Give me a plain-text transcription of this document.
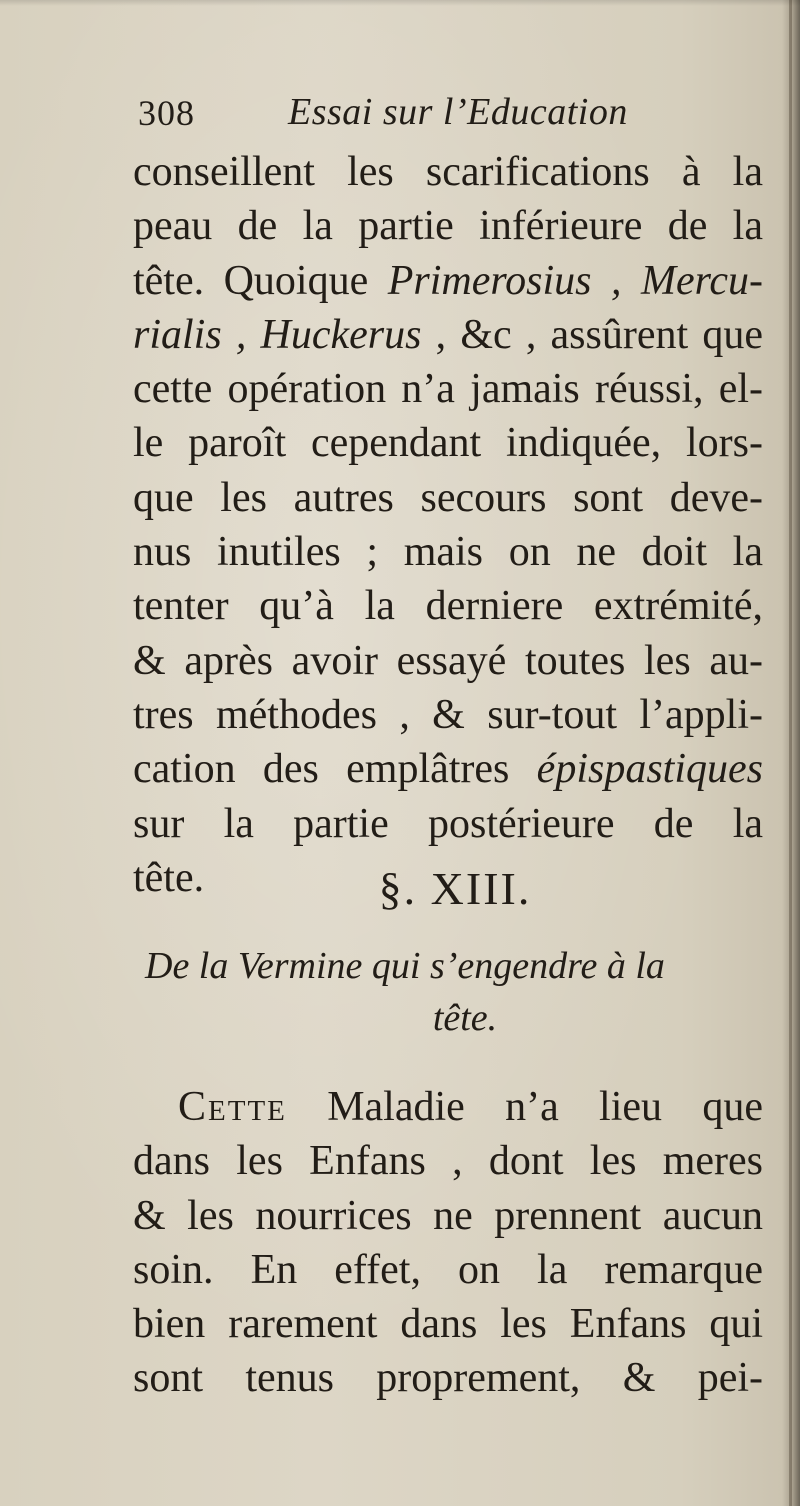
308 Essai sur l’Education
conseillent les scarifications à la
peau de la partie inférieure de la
tête. Quoique Primerosius , Mercu-
rialis , Huckerus , &c , assûrent que
cette opération n’a jamais réussi, el-
le paroît cependant indiquée, lors-
que les autres secours sont deve-
nus inutiles ; mais on ne doit la
tenter qu’à la derniere extrémité,
& après avoir essayé toutes les au-
tres méthodes , & sur-tout l’appli-
cation des emplâtres épispastiques
sur la partie postérieure de la
tête.	§. XIII.
De la Vermine qui s’engendre à la
tête.
Cette Maladie n’a lieu que
dans les Enfans , dont les meres
& les nourrices ne prennent aucun
soin. En effet, on la remarque
bien rarement dans les Enfans qui
sont tenus proprement, & pei-
